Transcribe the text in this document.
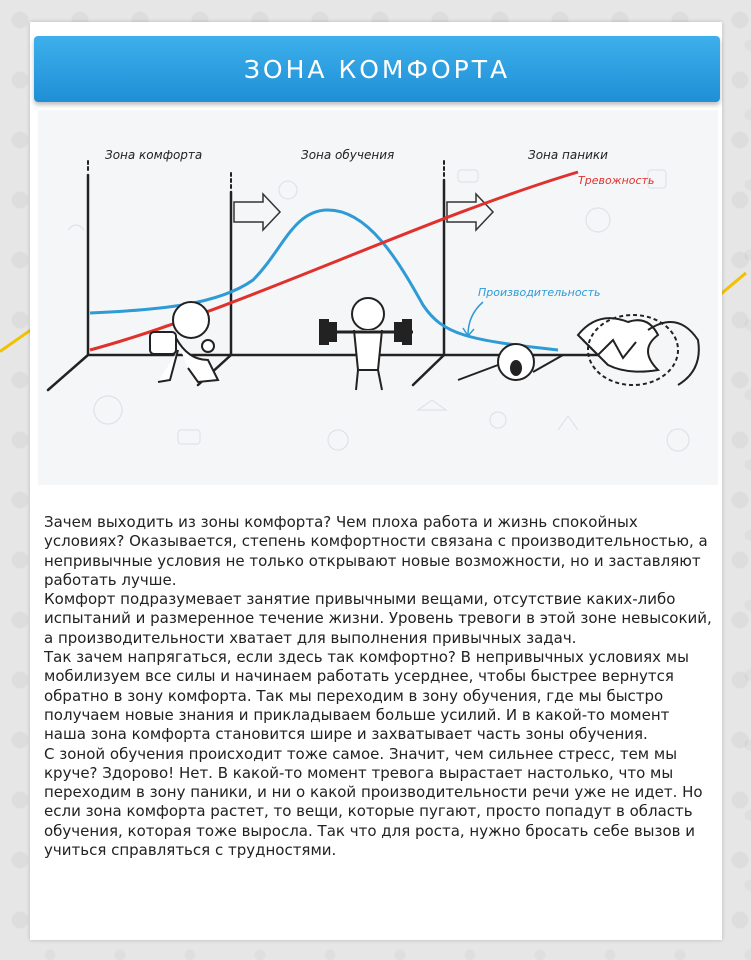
ЗОНА КОМФОРТА
Зона комфорта	Зона обучения	Зона паники
Тревожность
Производительность

Зачем выходить из зоны комфорта? Чем плоха работа и жизнь спокойных условиях? Оказывается, степень комфортности связана с производительностью, а непривычные условия не только открывают новые возможности, но и заставляют работать лучше.

Комфорт подразумевает занятие привычными вещами, отсутствие каких-либо испытаний и размеренное течение жизни. Уровень тревоги в этой зоне невысокий, а производительности хватает для выполнения привычных задач.

Так зачем напрягаться, если здесь так комфортно? В непривычных условиях мы мобилизуем все силы и начинаем работать усерднее, чтобы быстрее вернутся обратно в зону комфорта. Так мы переходим в зону обучения, где мы быстро получаем новые знания и прикладываем больше усилий. И в какой-то момент наша зона комфорта становится шире и захватывает часть зоны обучения.

С зоной обучения происходит тоже самое. Значит, чем сильнее стресс, тем мы круче? Здорово! Нет. В какой-то момент тревога вырастает настолько, что мы переходим в зону паники, и ни о какой производительности речи уже не идет. Но если зона комфорта растет, то вещи, которые пугают, просто попадут в область обучения, которая тоже выросла. Так что для роста, нужно бросать себе вызов и учиться справляться с трудностями.
